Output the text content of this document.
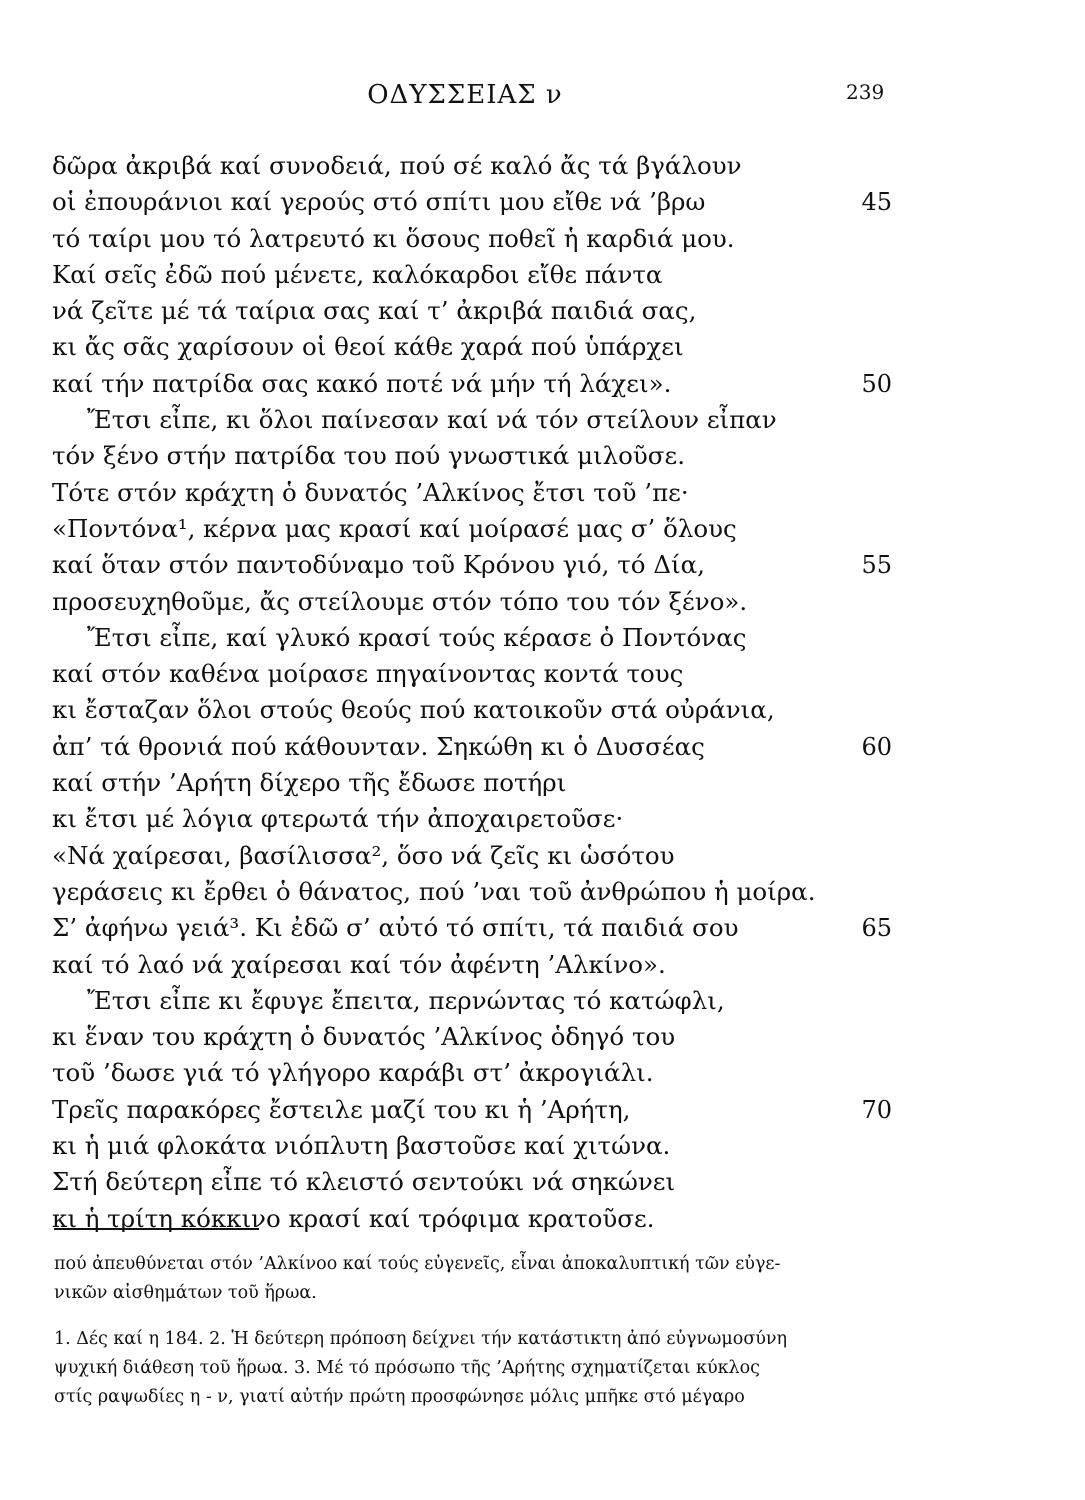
ΟΔΥΣΣΕΙΑΣ ν	239
δῶρα ἀκριβά καί συνοδειά, πού σέ καλό ἄς τά βγάλουν
οἱ ἐπουράνιοι καί γερούς στό σπίτι μου εἴθε νά ’βρω	45
τό ταίρι μου τό λατρευτό κι ὅσους ποθεῖ ἡ καρδιά μου.
Καί σεῖς ἐδῶ πού μένετε, καλόκαρδοι εἴθε πάντα
νά ζεῖτε μέ τά ταίρια σας καί τ’ ἀκριβά παιδιά σας,
κι ἄς σᾶς χαρίσουν οἱ θεοί κάθε χαρά πού ὑπάρχει
καί τήν πατρίδα σας κακό ποτέ νά μήν τή λάχει».	50
Ἔτσι εἶπε, κι ὅλοι παίνεσαν καί νά τόν στείλουν εἶπαν
τόν ξένο στήν πατρίδα του πού γνωστικά μιλοῦσε.
Τότε στόν κράχτη ὁ δυνατός ’Αλκίνος ἔτσι τοῦ ’πε·
«Ποντόνα¹, κέρνα μας κρασί καί μοίρασέ μας σ’ ὅλους
καί ὅταν στόν παντοδύναμο τοῦ Κρόνου γιό, τό Δία,	55
προσευχηθοῦμε, ἄς στείλουμε στόν τόπο του τόν ξένο».
Ἔτσι εἶπε, καί γλυκό κρασί τούς κέρασε ὁ Ποντόνας
καί στόν καθένα μοίρασε πηγαίνοντας κοντά τους
κι ἔσταζαν ὅλοι στούς θεούς πού κατοικοῦν στά οὐράνια,
ἀπ’ τά θρονιά πού κάθουνταν. Σηκώθη κι ὁ Δυσσέας	60
καί στήν ’Αρήτη δίχερο τῆς ἔδωσε ποτήρι
κι ἔτσι μέ λόγια φτερωτά τήν ἀποχαιρετοῦσε·
«Νά χαίρεσαι, βασίλισσα², ὅσο νά ζεῖς κι ὡσότου
γεράσεις κι ἔρθει ὁ θάνατος, πού ’ναι τοῦ ἀνθρώπου ἡ μοίρα.
Σ’ ἀφήνω γειά³. Κι ἐδῶ σ’ αὐτό τό σπίτι, τά παιδιά σου	65
καί τό λαό νά χαίρεσαι καί τόν ἀφέντη ’Αλκίνο».
Ἔτσι εἶπε κι ἔφυγε ἔπειτα, περνώντας τό κατώφλι,
κι ἕναν του κράχτη ὁ δυνατός ’Αλκίνος ὁδηγό του
τοῦ ’δωσε γιά τό γλήγορο καράβι στ’ ἀκρογιάλι.
Τρεῖς παρακόρες ἔστειλε μαζί του κι ἡ ’Αρήτη,	70
κι ἡ μιά φλοκάτα νιόπλυτη βαστοῦσε καί χιτώνα.
Στή δεύτερη εἶπε τό κλειστό σεντούκι νά σηκώνει
κι ἡ τρίτη κόκκινο κρασί καί τρόφιμα κρατοῦσε.
πού ἀπευθύνεται στόν ’Αλκίνοο καί τούς εὐγενεῖς, εἶναι ἀποκαλυπτική τῶν εὐγε-
νικῶν αἰσθημάτων τοῦ ἥρωα.
1. Δές καί η 184. 2. Ἡ δεύτερη πρόποση δείχνει τήν κατάστικτη ἀπό εὐγνωμοσύνη
ψυχική διάθεση τοῦ ἥρωα. 3. Μέ τό πρόσωπο τῆς ’Αρήτης σχηματίζεται κύκλος
στίς ραψωδίες η - ν, γιατί αὐτήν πρώτη προσφώνησε μόλις μπῆκε στό μέγαρο
